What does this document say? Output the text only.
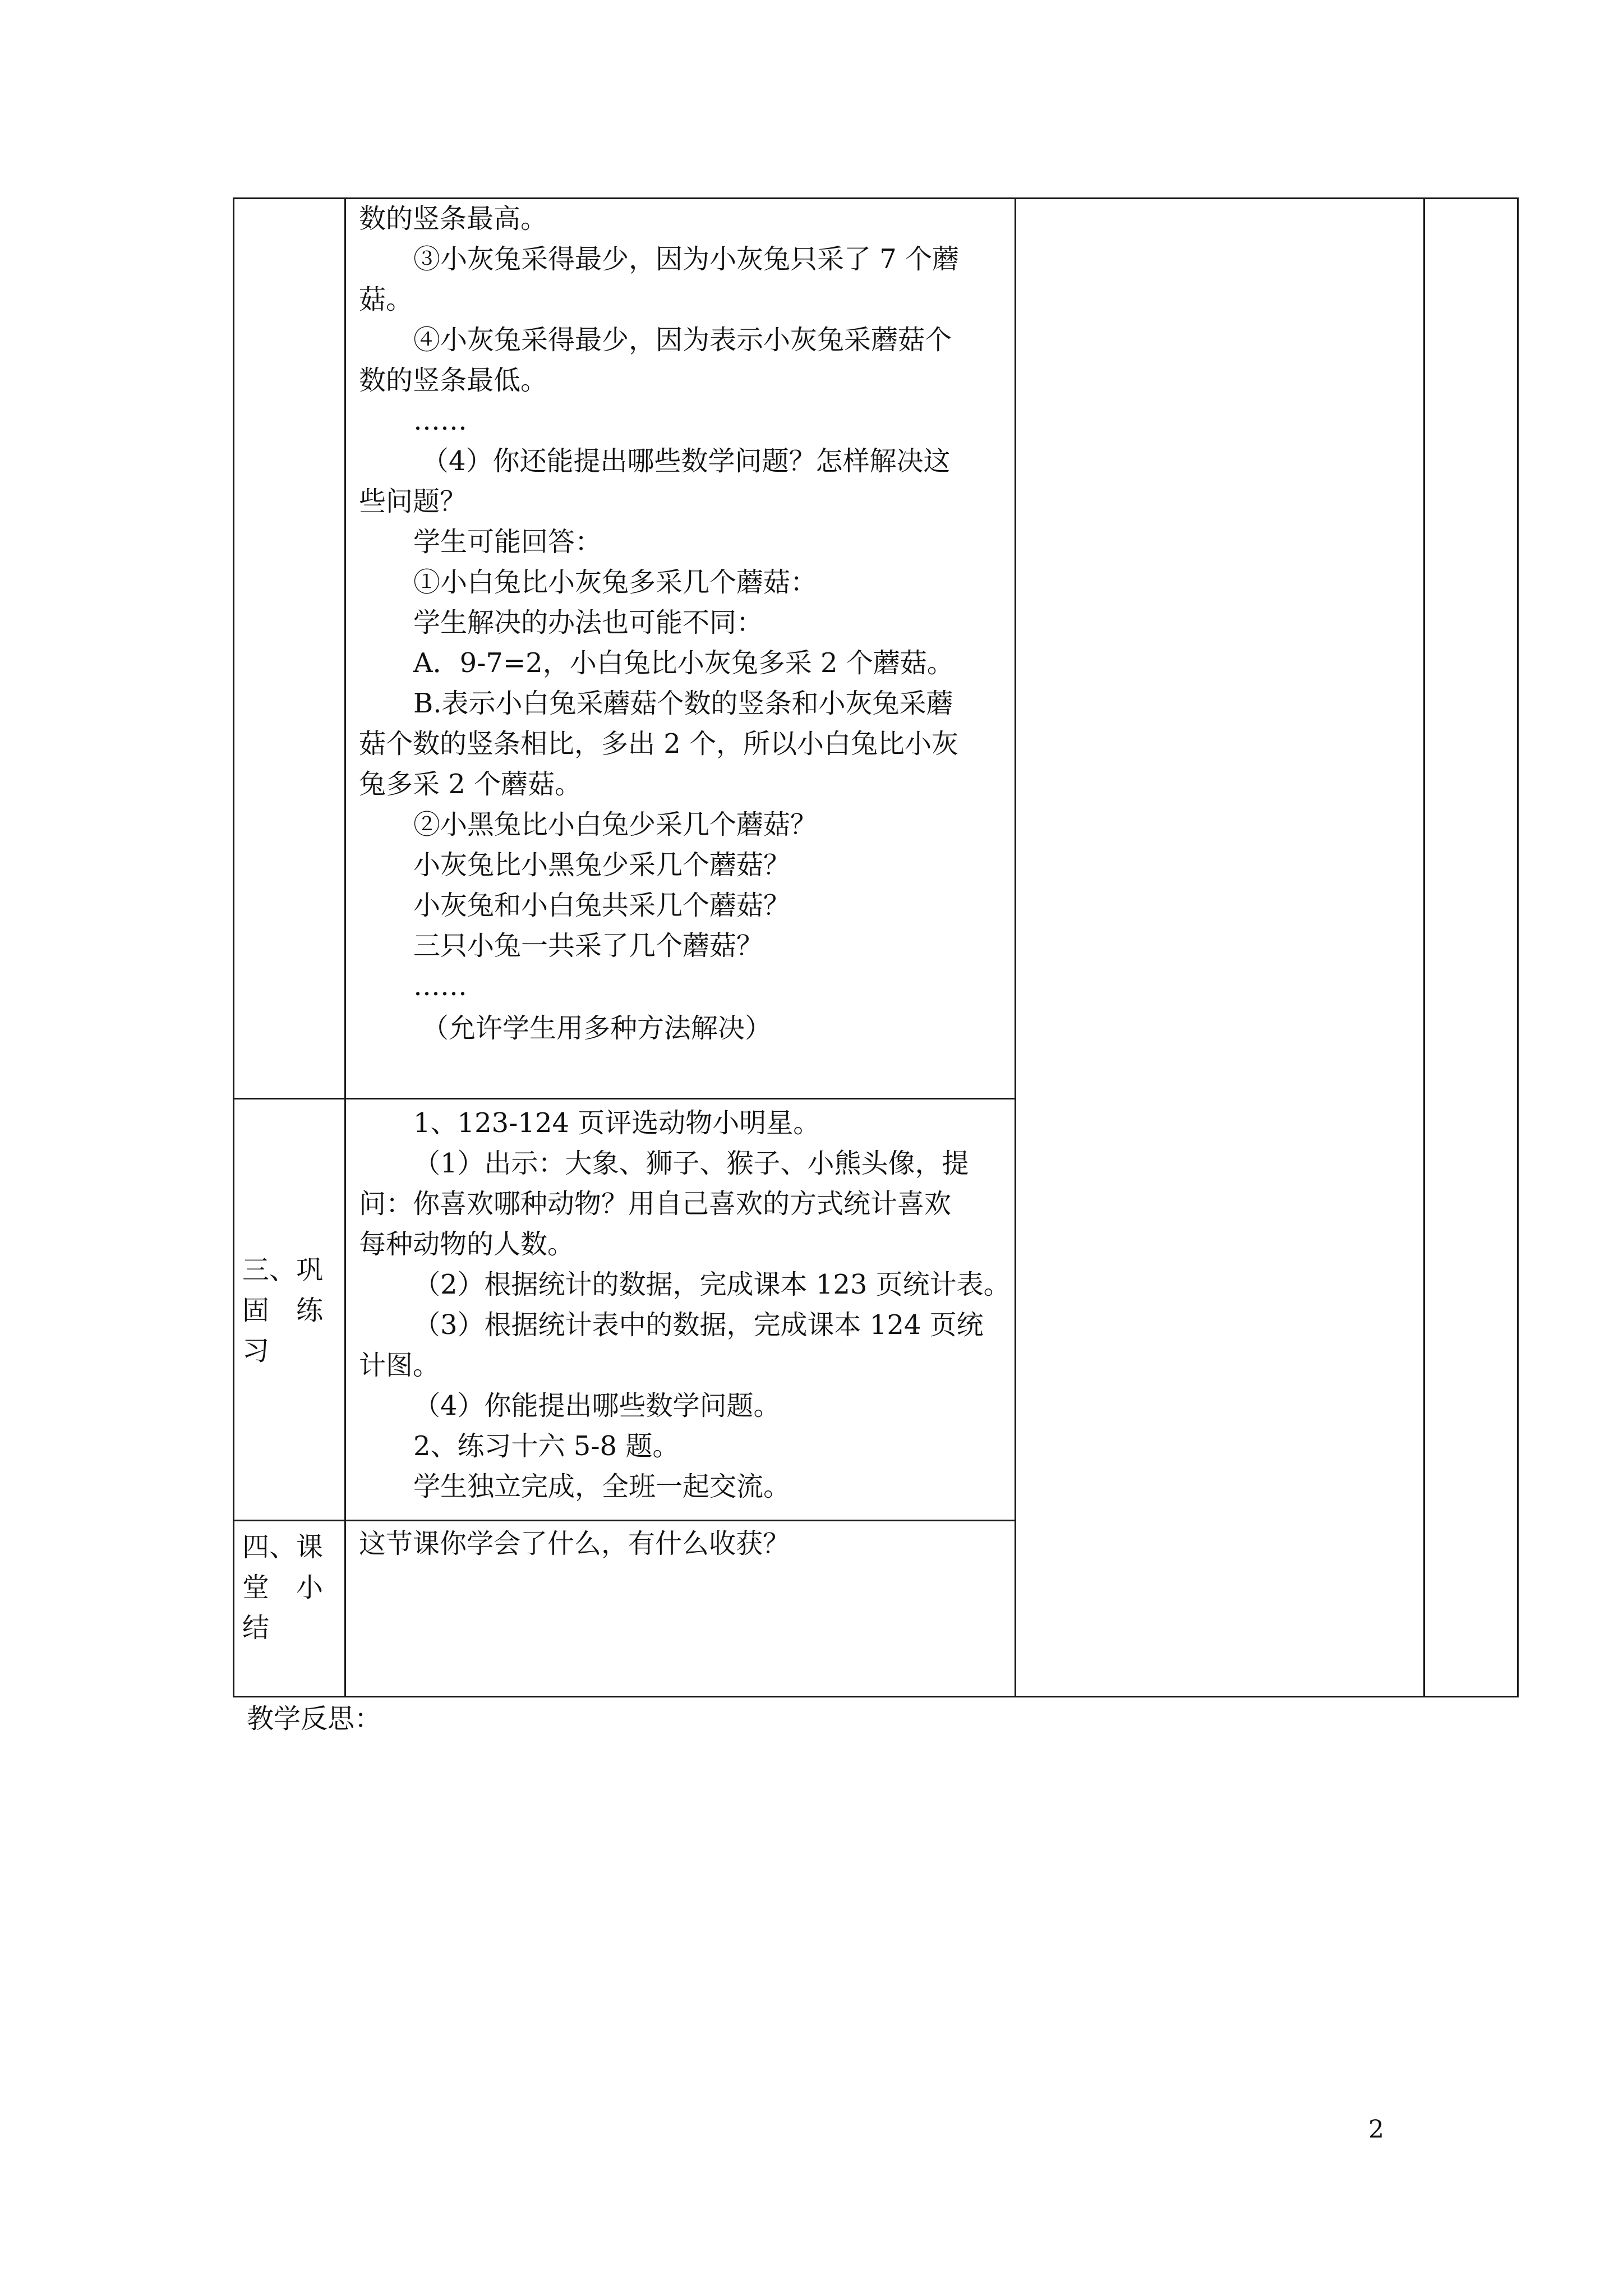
数的竖条最高。
③小灰兔采得最少，因为小灰兔只采了 7 个蘑
菇。
④小灰兔采得最少，因为表示小灰兔采蘑菇个
数的竖条最低。
……
（4）你还能提出哪些数学问题？怎样解决这
些问题？
学生可能回答：
①小白兔比小灰兔多采几个蘑菇：
学生解决的办法也可能不同：
A．9-7=2，小白兔比小灰兔多采 2 个蘑菇。
B.表示小白兔采蘑菇个数的竖条和小灰兔采蘑
菇个数的竖条相比，多出 2 个，所以小白兔比小灰
兔多采 2 个蘑菇。
②小黑兔比小白兔少采几个蘑菇？
小灰兔比小黑兔少采几个蘑菇？
小灰兔和小白兔共采几个蘑菇？
三只小兔一共采了几个蘑菇？
……
（允许学生用多种方法解决）
三、巩
固　练
习
1、123-124 页评选动物小明星。
（1）出示：大象、狮子、猴子、小熊头像，提
问：你喜欢哪种动物？用自己喜欢的方式统计喜欢
每种动物的人数。
（2）根据统计的数据，完成课本 123 页统计表。
（3）根据统计表中的数据，完成课本 124 页统
计图。
（4）你能提出哪些数学问题。
2、练习十六 5-8 题。
学生独立完成，全班一起交流。
四、课
堂　小
结
这节课你学会了什么，有什么收获？
教学反思：
2
